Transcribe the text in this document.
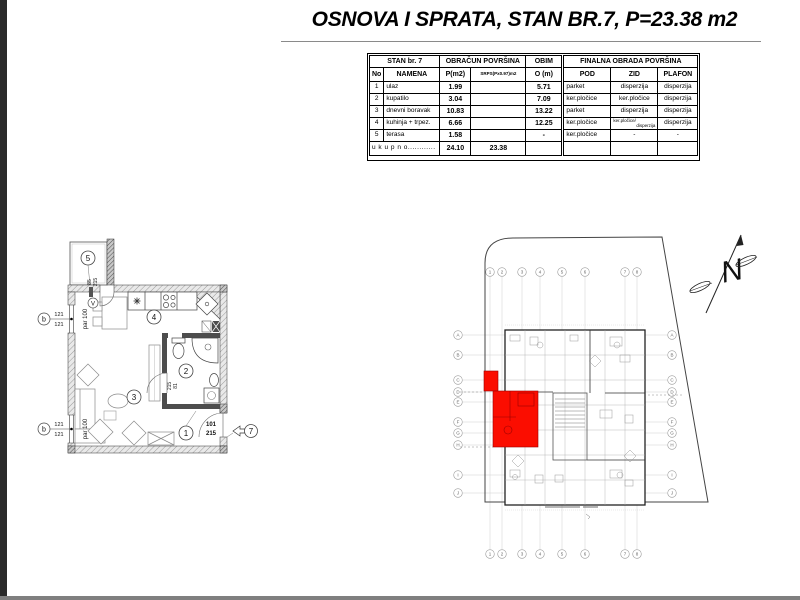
OSNOVA I SPRATA, STAN BR.7, P=23.38 m2
STAN br. 7		OBRAČUN POVRŠINA		OBIM	FINALNA OBRADA POVRŠINA		
No	NAMENA	P(m2)	SRPS(Px0.97)m2	O (m)	POD	ZID	PLAFON
1	ulaz	1.99		5.71	parket	disperzija	disperzija
2	kupatilo	3.04		7.09	ker.pločice	ker.pločice	disperzija
3	dnevni boravak	10.83		13.22	parket	disperzija	disperzija
4	kuhinja + trpez.	6.66		12.25	ker.pločice	ker.pločice/
disperzija	disperzija
5	terasa	1.58		-	ker.pločice	-	-
u k u p n o............		24.10	23.38				
b
121
121
b
121
121
par 100
par 100
85 215
215 81
101
215
5
V
4
2
3
1	7
1
1
2
2
3
3
4
4
5
5
6
6
7
7
8
8
A	A
B	B
C	C
D	D
E	E
F	F
G	G
H	H
I	I
J	J
N
